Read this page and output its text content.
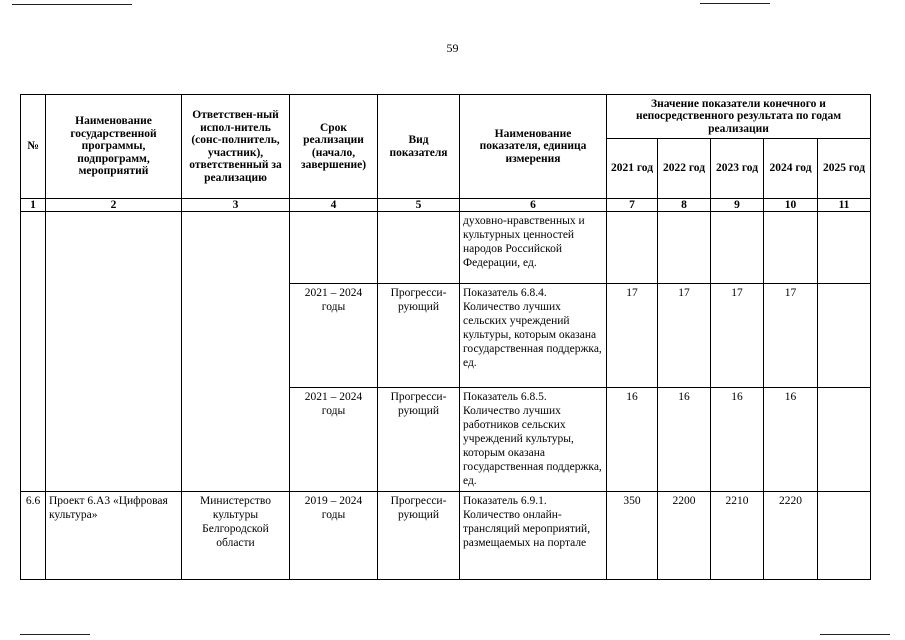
59
№	Наименование государственной программы, подпрограмм, мероприятий	Ответствен-ный испол-нитель (сонс-полнитель, участник), ответственный за реализацию	Срок реализации (начало, завершение)	Вид показателя	Наименование показателя, единица измерения	Значение показатели конечного и непосредственного результата по годам реализации				
						2021 год	2022 год	2023 год	2024 год	2025 год
1	2	3	4	5	6	7	8	9	10	11
					духовно-нравственных и культурных ценностей народов Российской Федерации, ед.					
			2021 – 2024 годы	Прогресси-рующий	Показатель 6.8.4. Количество лучших сельских учреждений культуры, которым оказана государственная поддержка, ед.	17	17	17	17	
			2021 – 2024 годы	Прогресси-рующий	Показатель 6.8.5. Количество лучших работников сельских учреждений культуры, которым оказана государственная поддержка, ед.	16	16	16	16	
6.6	Проект 6.А3 «Цифровая культура»	Министерство культуры Белгородской области	2019 – 2024 годы	Прогресси-рующий	Показатель 6.9.1. Количество онлайн-трансляций мероприятий, размещаемых на портале	350	2200	2210	2220	
